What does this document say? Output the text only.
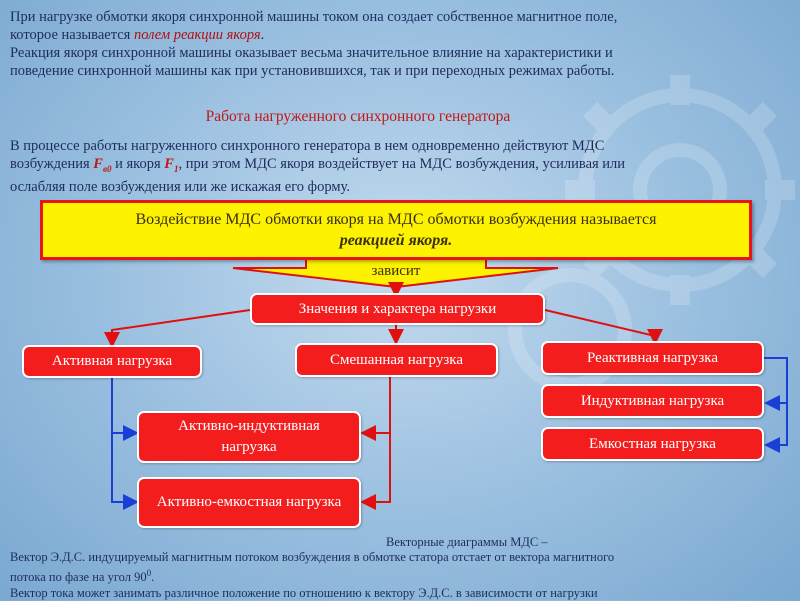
При нагрузке обмотки якоря синхронной машины током она создает собственное магнитное поле,
которое называется полем реакции якоря.
Реакция якоря синхронной машины оказывает весьма значительное влияние на характеристики и
поведение синхронной машины как при установившихся, так и при переходных режимах работы.
Работа нагруженного синхронного генератора
В процессе работы нагруженного синхронного генератора в нем одновременно действуют МДС
возбуждения $F_{в0}$ и якоря $F_1$, при этом МДС якоря воздействует на МДС возбуждения, усиливая или
ослабляя поле возбуждения или же искажая его форму.
Воздействие МДС обмотки якоря на МДС обмотки возбуждения называется
реакцией якоря.
зависит
Значения и характера нагрузки
Активная нагрузка	Смешанная нагрузка	Реактивная нагрузка
Индуктивная нагрузка
Емкостная нагрузка
Активно-индуктивная нагрузка
Активно-емкостная нагрузка
Векторные диаграммы МДС –
Вектор Э.Д.С. индуцируемый магнитным потоком возбуждения в обмотке статора отстает от вектора магнитного
потока по фазе на угол $90^0$.
Вектор тока может занимать различное положение по отношению к вектору Э.Д.С. в зависимости от нагрузки
